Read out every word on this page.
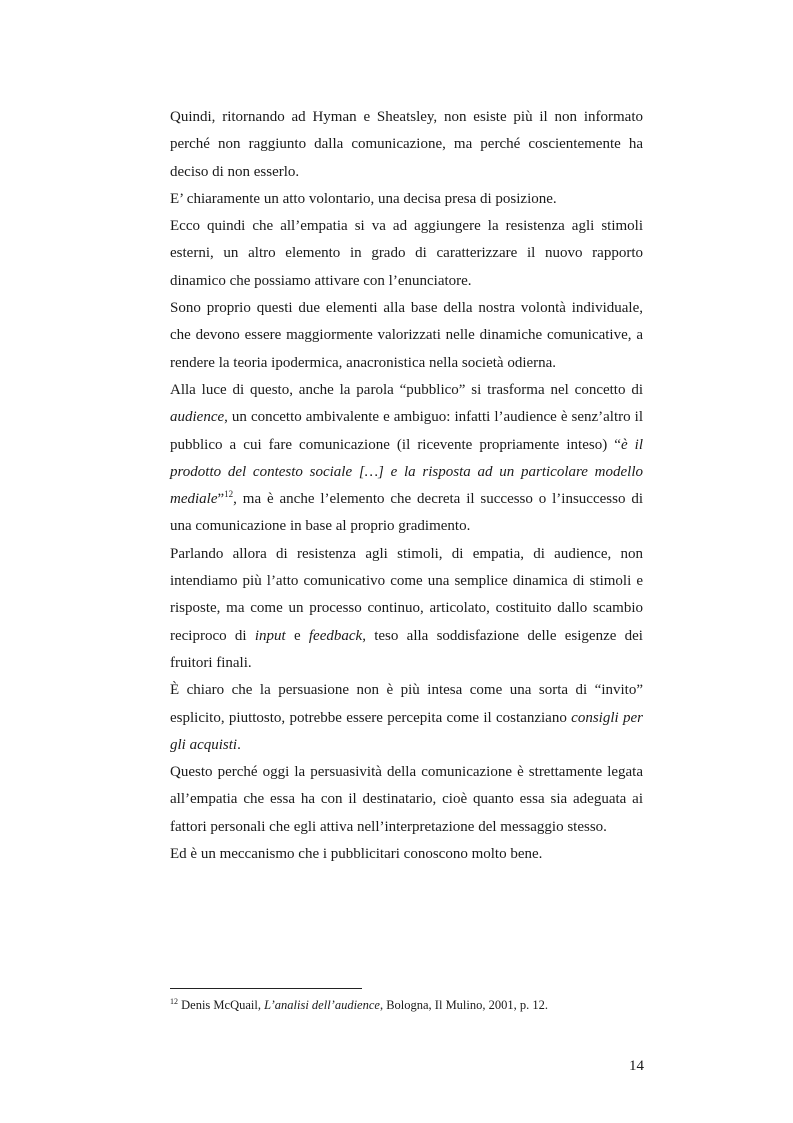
Quindi, ritornando ad Hyman e Sheatsley, non esiste più il non informato perché non raggiunto dalla comunicazione, ma perché coscientemente ha deciso di non esserlo.

E’ chiaramente un atto volontario, una decisa presa di posizione.

Ecco quindi che all’empatia si va ad aggiungere la resistenza agli stimoli esterni, un altro elemento in grado di caratterizzare il nuovo rapporto dinamico che possiamo attivare con l’enunciatore.

Sono proprio questi due elementi alla base della nostra volontà individuale, che devono essere maggiormente valorizzati nelle dinamiche comunicative, a rendere la teoria ipodermica, anacronistica nella società odierna.

Alla luce di questo, anche la parola “pubblico” si trasforma nel concetto di audience, un concetto ambivalente e ambiguo: infatti l’audience è senz’altro il pubblico a cui fare comunicazione (il ricevente propriamente inteso) “è il prodotto del contesto sociale […] e la risposta ad un particolare modello mediale”$^{12}$, ma è anche l’elemento che decreta il successo o l’insuccesso di una comunicazione in base al proprio gradimento.

Parlando allora di resistenza agli stimoli, di empatia, di audience, non intendiamo più l’atto comunicativo come una semplice dinamica di stimoli e risposte, ma come un processo continuo, articolato, costituito dallo scambio reciproco di input e feedback, teso alla soddisfazione delle esigenze dei fruitori finali.

È chiaro che la persuasione non è più intesa come una sorta di “invito” esplicito, piuttosto, potrebbe essere percepita come il costanziano consigli per gli acquisti.

Questo perché oggi la persuasività della comunicazione è strettamente legata all’empatia che essa ha con il destinatario, cioè quanto essa sia adeguata ai fattori personali che egli attiva nell’interpretazione del messaggio stesso.

Ed è un meccanismo che i pubblicitari conoscono molto bene.

$^{12}$ Denis McQuail, L’analisi dell’audience, Bologna, Il Mulino, 2001, p. 12.
14
